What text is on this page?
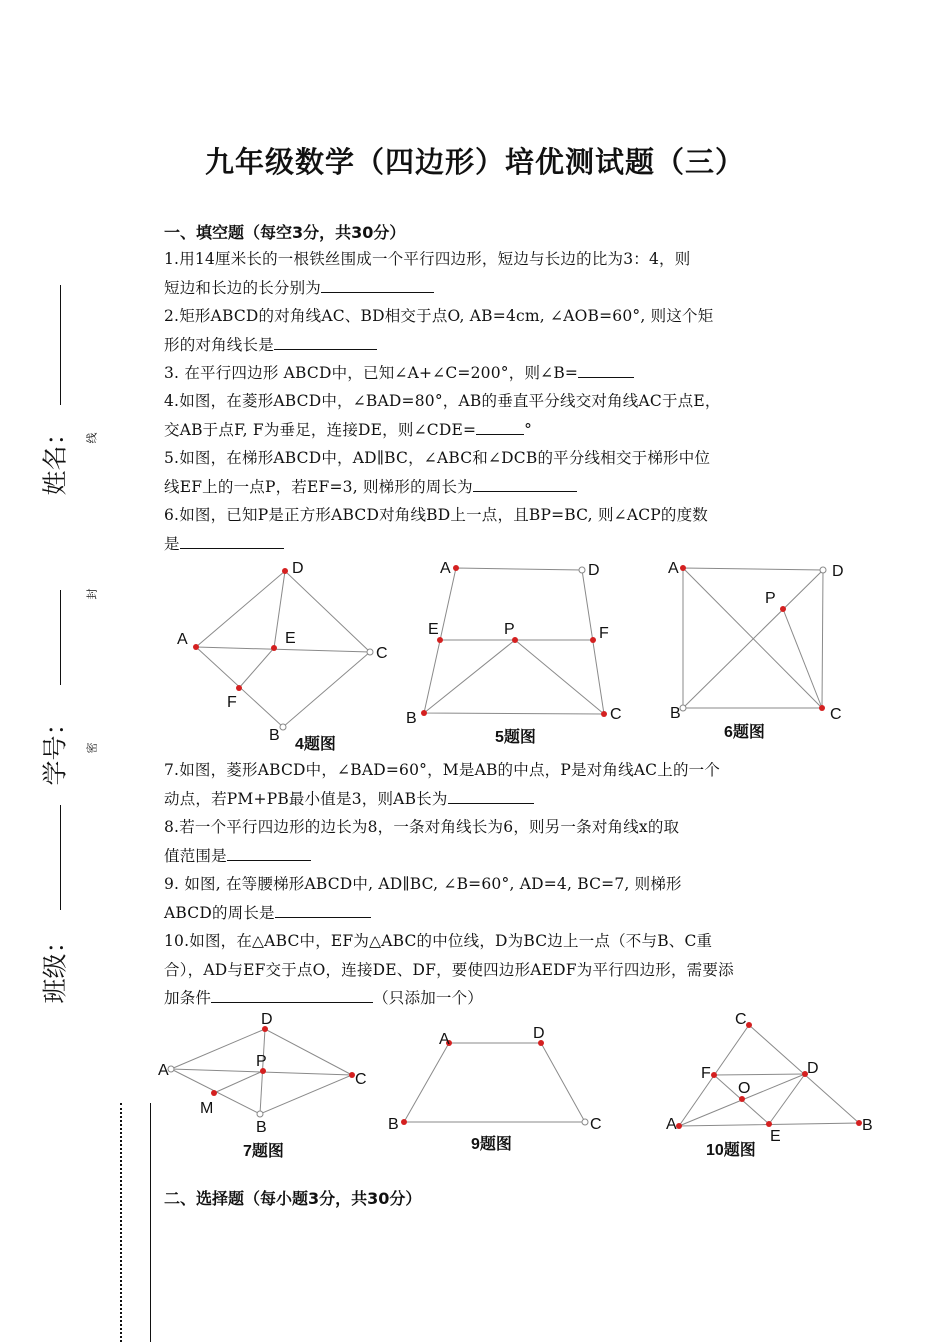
九年级数学（四边形）培优测试题（三）
姓名： 线
封
学号： 密
班级：
一、填空题（每空3分，共30分）
1.用14厘米长的一根铁丝围成一个平行四边形，短边与长边的比为3：4，则
短边和长边的长分别为
2.矩形ABCD的对角线AC、BD相交于点O, AB=4cm, ∠AOB=60°, 则这个矩
形的对角线长是
3. 在平行四边形 ABCD中，已知∠A+∠C=200°，则∠B=
4.如图，在菱形ABCD中，∠BAD=80°，AB的垂直平分线交对角线AC于点E，
交AB于点F, F为垂足，连接DE，则∠CDE=	°
5.如图，在梯形ABCD中，AD∥BC，∠ABC和∠DCB的平分线相交于梯形中位
线EF上的一点P，若EF=3, 则梯形的周长为
6.如图，已知P是正方形ABCD对角线BD上一点，且BP=BC, 则∠ACP的度数
是
7.如图，菱形ABCD中，∠BAD=60°，M是AB的中点，P是对角线AC上的一个
动点，若PM+PB最小值是3，则AB长为
8.若一个平行四边形的边长为8，一条对角线长为6，则另一条对角线x的取
值范围是
9. 如图, 在等腰梯形ABCD中, AD∥BC, ∠B=60°, AD=4, BC=7, 则梯形
ABCD的周长是
10.如图，在△ABC中，EF为△ABC的中位线，D为BC边上一点（不与B、C重
合），AD与EF交于点O，连接DE、DF，要使四边形AEDF为平行四边形，需要添
加条件	（只添加一个）
二、选择题（每小题3分，共30分）
D
A	E
C
F
B
A	D
E	P	F
B	C
A	D
P
B	C
D
A
P
C
M
B
A	D
B	C
C
F	D
O
A
E
B
4题图	5题图	6题图
7题图	9题图	10题图
